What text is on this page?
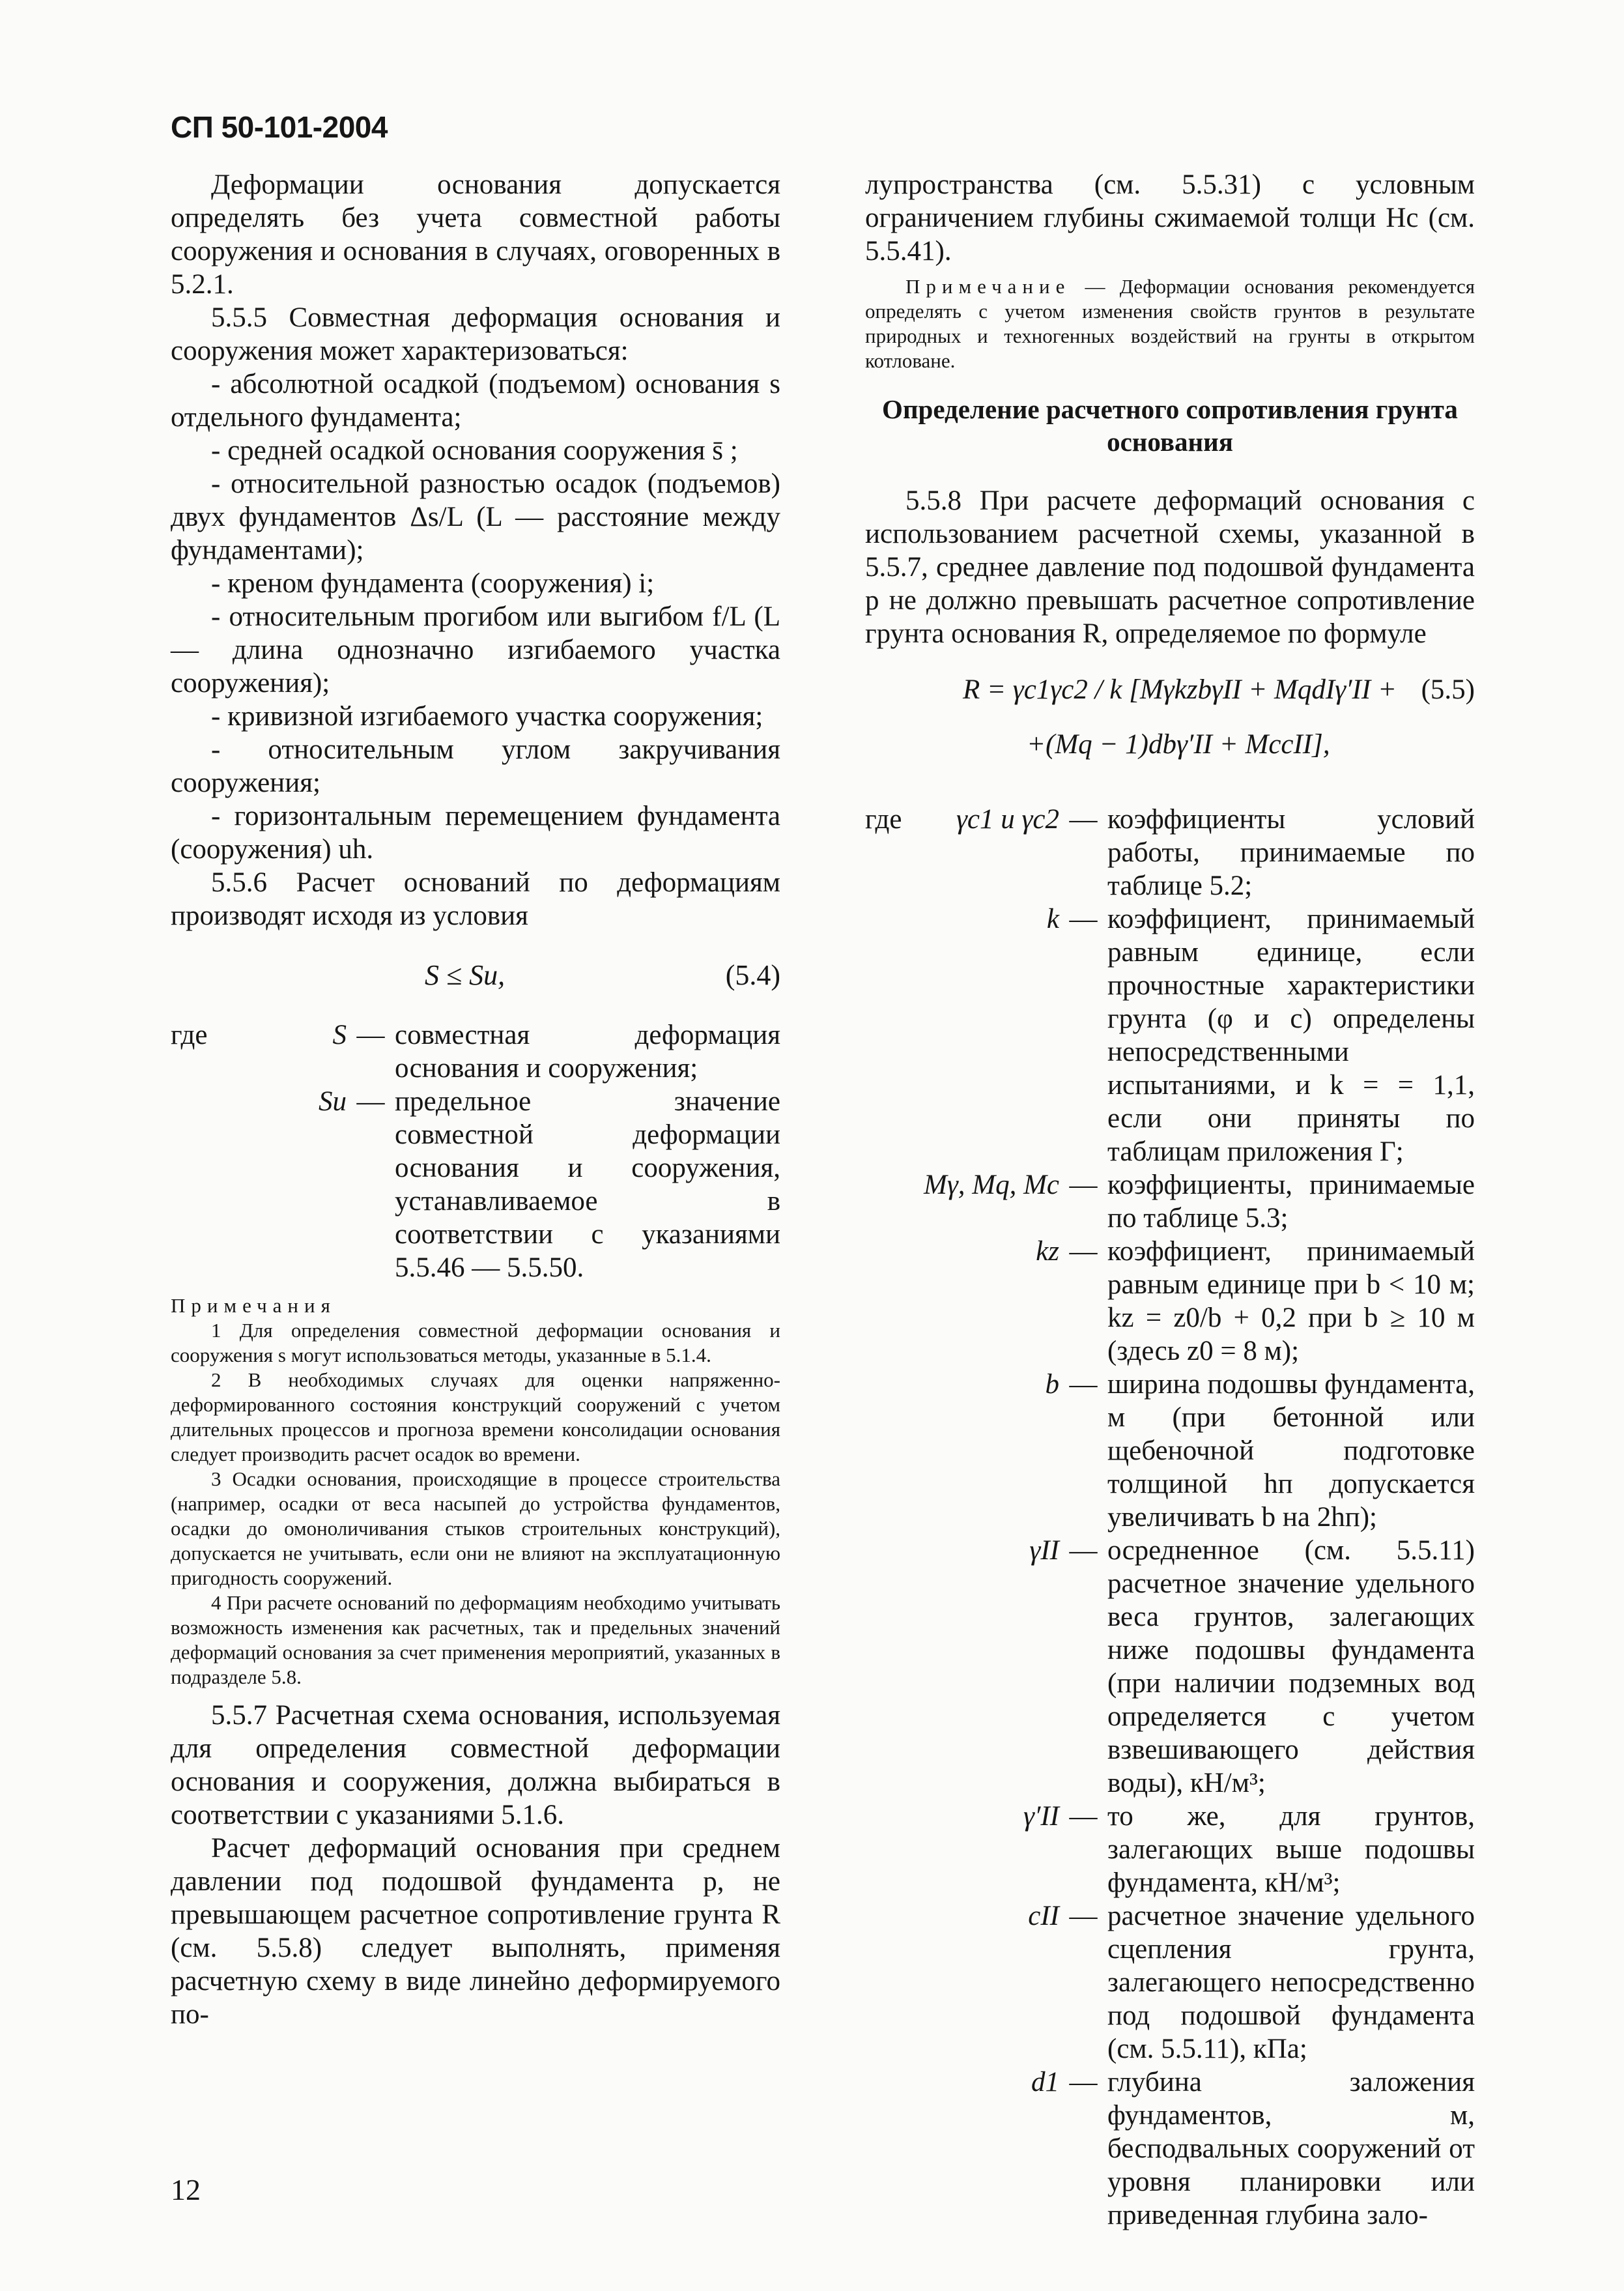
СП 50-101-2004

Деформации основания допускается определять без учета совместной работы сооружения и основания в случаях, оговоренных в 5.2.1.

5.5.5 Совместная деформация основания и сооружения может характеризоваться:

- абсолютной осадкой (подъемом) основания s отдельного фундамента;

- средней осадкой основания сооружения s̄ ;

- относительной разностью осадок (подъемов) двух фундаментов Δs/L (L — расстояние между фундаментами);

- креном фундамента (сооружения) i;

- относительным прогибом или выгибом f/L (L — длина однозначно изгибаемого участка сооружения);

- кривизной изгибаемого участка сооружения;

- относительным углом закручивания сооружения;

- горизонтальным перемещением фундамента (сооружения) uh.

5.5.6 Расчет оснований по деформациям производят исходя из условия

S ≤ Su,	(5.4)
где	S — совместная деформация основания и сооружения;
Su — предельное значение совместной деформации основания и сооружения, устанавливаемое в соответствии с указаниями 5.5.46 — 5.5.50.

Примечания

1 Для определения совместной деформации основания и сооружения s могут использоваться методы, указанные в 5.1.4.

2 В необходимых случаях для оценки напряженно-деформированного состояния конструкций сооружений с учетом длительных процессов и прогноза времени консолидации основания следует производить расчет осадок во времени.

3 Осадки основания, происходящие в процессе строительства (например, осадки от веса насыпей до устройства фундаментов, осадки до омоноличивания стыков строительных конструкций), допускается не учитывать, если они не влияют на эксплуатационную пригодность сооружений.

4 При расчете оснований по деформациям необходимо учитывать возможность изменения как расчетных, так и предельных значений деформаций основания за счет применения мероприятий, указанных в подразделе 5.8.

5.5.7 Расчетная схема основания, используемая для определения совместной деформации основания и сооружения, должна выбираться в соответствии с указаниями 5.1.6.

Расчет деформаций основания при среднем давлении под подошвой фундамента p, не превышающем расчетное сопротивление грунта R (см. 5.5.8) следует выполнять, применяя расчетную схему в виде линейно деформируемого по-

лупространства (см. 5.5.31) с условным ограничением глубины сжимаемой толщи Hc (см. 5.5.41).

Примечание — Деформации основания рекомендуется определять с учетом изменения свойств грунтов в результате природных и техногенных воздействий на грунты в открытом котловане.

Определение расчетного сопротивления грунта основания

5.5.8 При расчете деформаций основания с использованием расчетной схемы, указанной в 5.5.7, среднее давление под подошвой фундамента p не должно превышать расчетное сопротивление грунта основания R, определяемое по формуле

R = γc1γc2 / k [MγkzbγII + MqdIγ′II +
+(Mq − 1)dbγ′II + McсII],
(5.5)
где	γc1 и γc2 — коэффициенты условий работы, принимаемые по таблице 5.2;
k — коэффициент, принимаемый равным единице, если прочностные характеристики грунта (φ и c) определены непосредственными испытаниями, и k = = 1,1, если они приняты по таблицам приложения Г;
Mγ, Mq, Mc — коэффициенты, принимаемые по таблице 5.3;
kz — коэффициент, принимаемый равным единице при b < 10 м; kz = z0/b + 0,2 при b ≥ 10 м (здесь z0 = 8 м);
b — ширина подошвы фундамента, м (при бетонной или щебеночной подготовке толщиной hп допускается увеличивать b на 2hп);
γII — осредненное (см. 5.5.11) расчетное значение удельного веса грунтов, залегающих ниже подошвы фундамента (при наличии подземных вод определяется с учетом взвешивающего действия воды), кН/м³;
γ′II — то же, для грунтов, залегающих выше подошвы фундамента, кН/м³;
cII — расчетное значение удельного сцепления грунта, залегающего непосредственно под подошвой фундамента (см. 5.5.11), кПа;
d1 — глубина заложения фундаментов, м, бесподвальных сооружений от уровня планировки или приведенная глубина зало-
12
